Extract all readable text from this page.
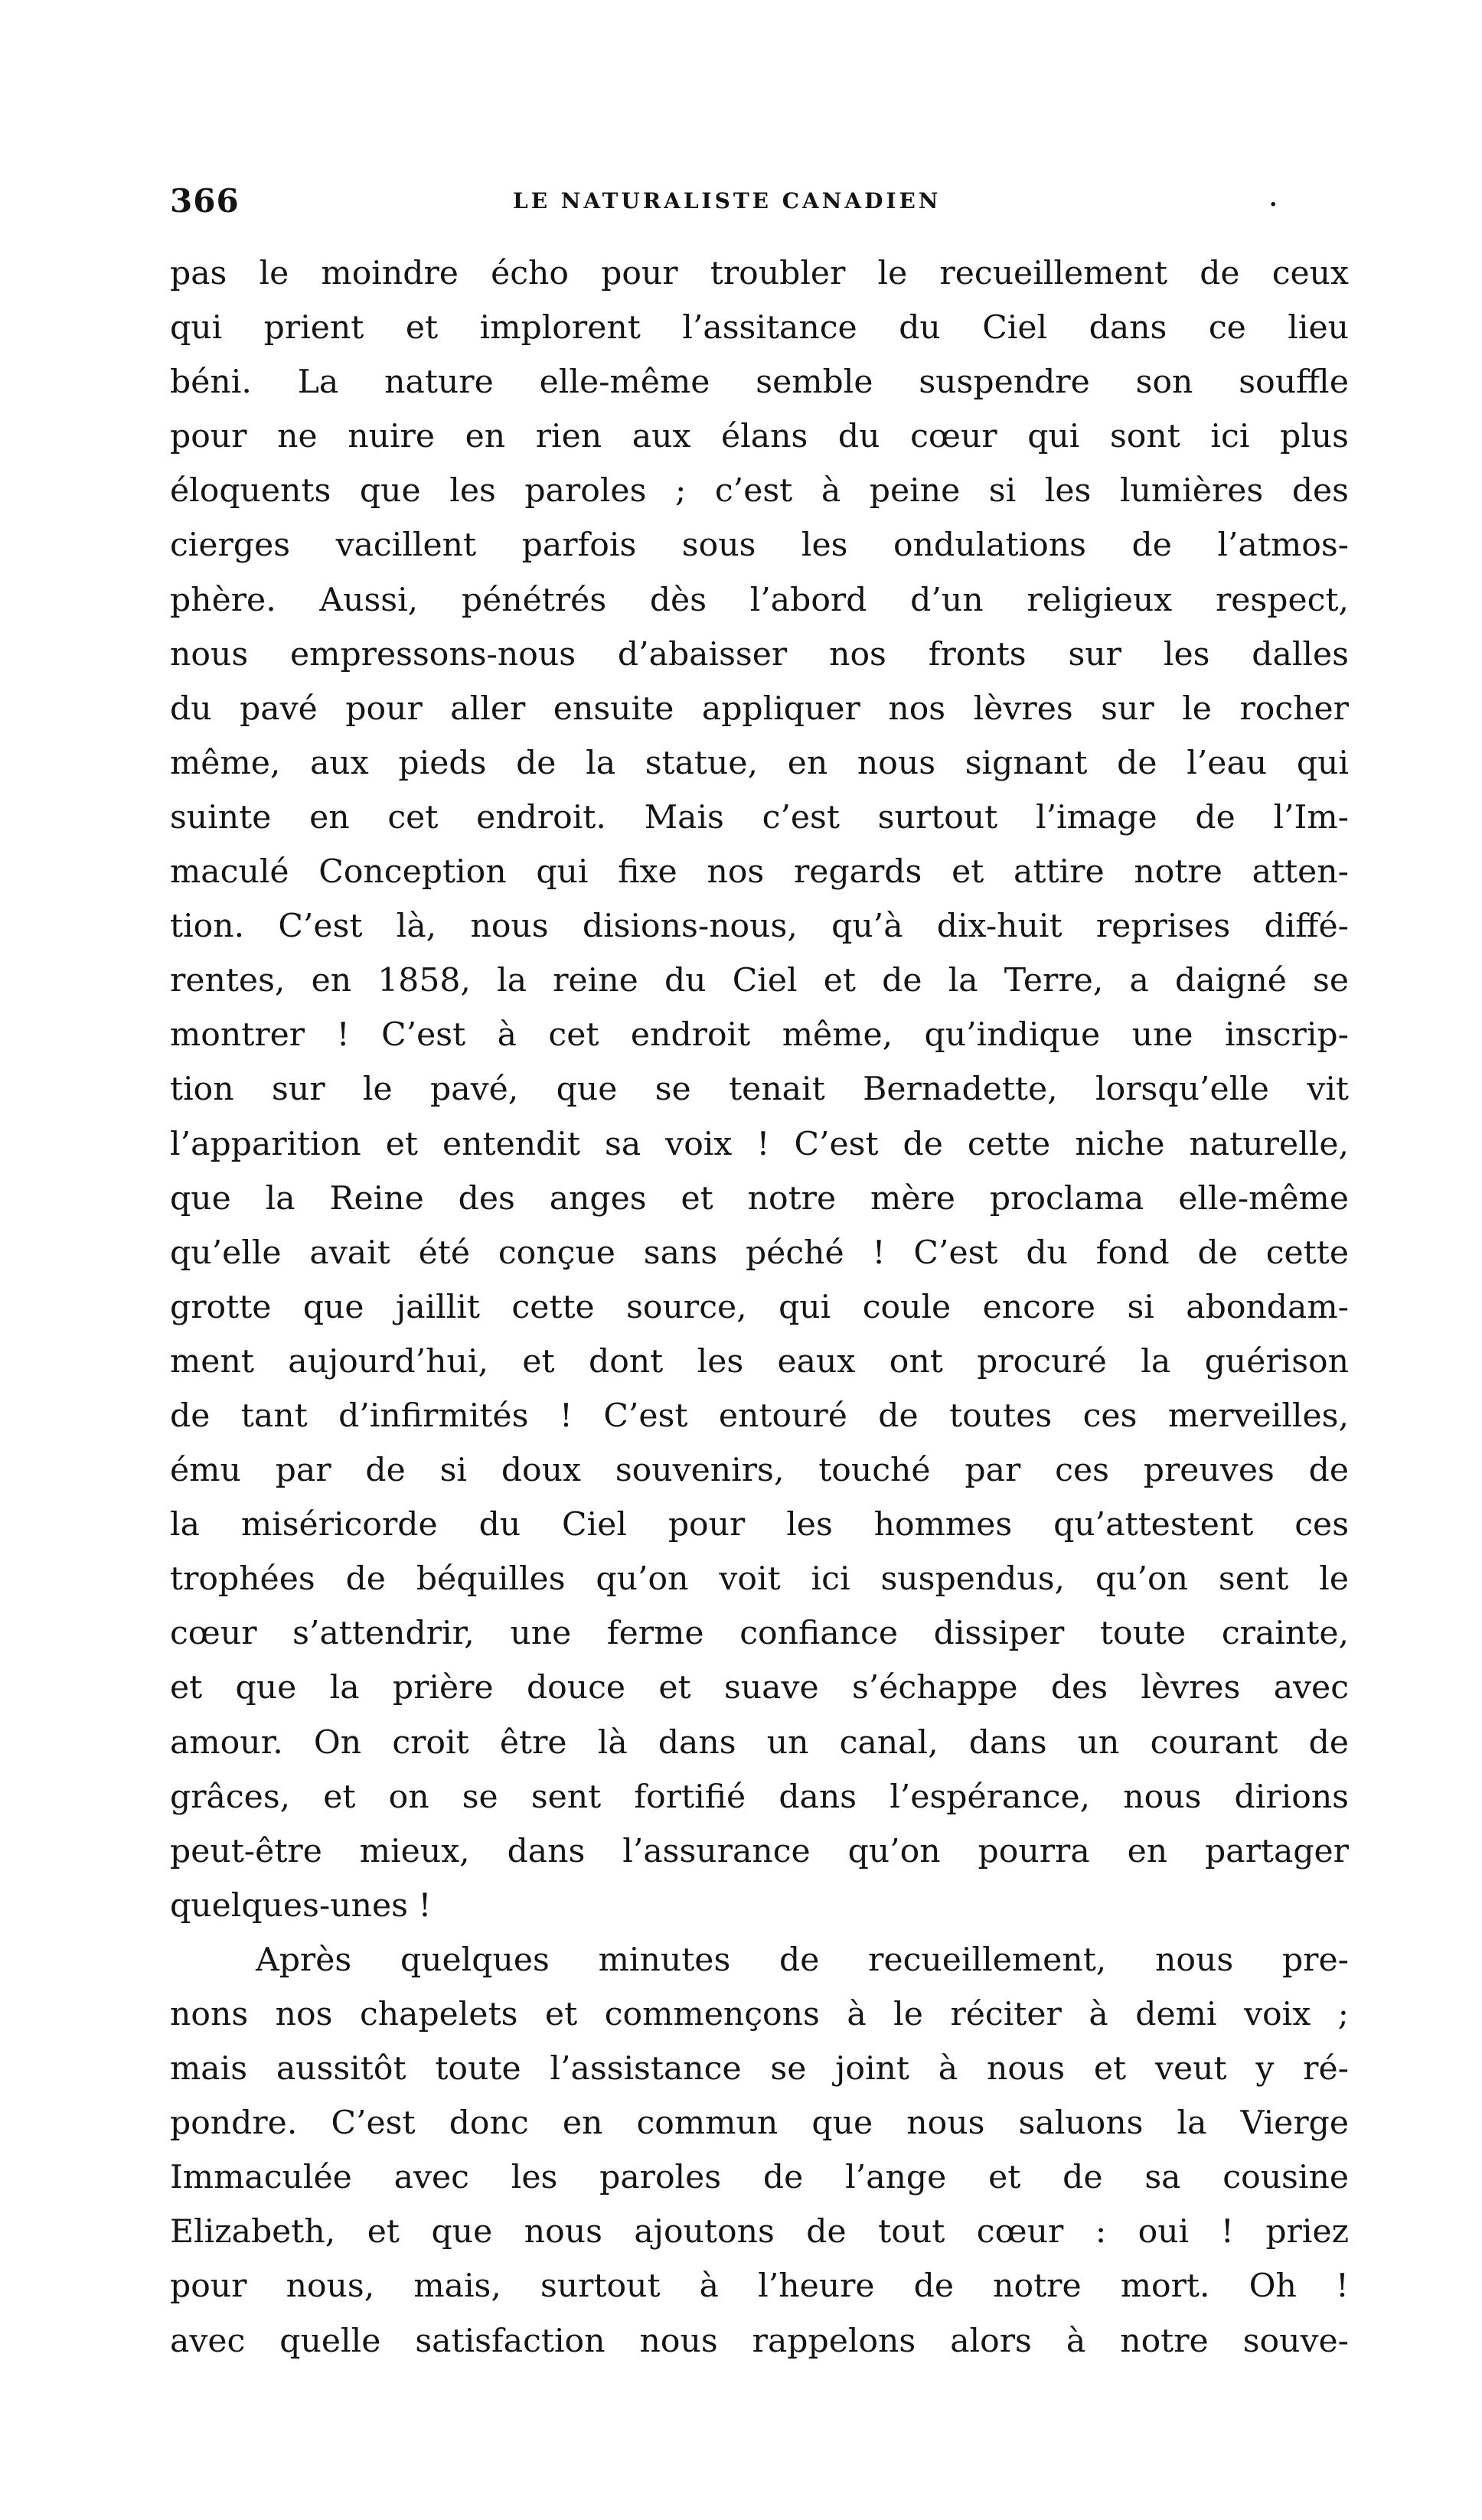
366	LE NATURALISTE CANADIEN	.
pas le moindre écho pour troubler le recueillement de ceux
qui prient et implorent l’assitance du Ciel dans ce lieu
béni. La nature elle-même semble suspendre son souffle
pour ne nuire en rien aux élans du cœur qui sont ici plus
éloquents que les paroles ; c’est à peine si les lumières des
cierges vacillent parfois sous les ondulations de l’atmos-
phère. Aussi, pénétrés dès l’abord d’un religieux respect,
nous empressons-nous d’abaisser nos fronts sur les dalles
du pavé pour aller ensuite appliquer nos lèvres sur le rocher
même, aux pieds de la statue, en nous signant de l’eau qui
suinte en cet endroit. Mais c’est surtout l’image de l’Im-
maculé Conception qui fixe nos regards et attire notre atten-
tion. C’est là, nous disions-nous, qu’à dix-huit reprises diffé-
rentes, en 1858, la reine du Ciel et de la Terre, a daigné se
montrer ! C’est à cet endroit même, qu’indique une inscrip-
tion sur le pavé, que se tenait Bernadette, lorsqu’elle vit
l’apparition et entendit sa voix ! C’est de cette niche naturelle,
que la Reine des anges et notre mère proclama elle-même
qu’elle avait été conçue sans péché ! C’est du fond de cette
grotte que jaillit cette source, qui coule encore si abondam-
ment aujourd’hui, et dont les eaux ont procuré la guérison
de tant d’infirmités ! C’est entouré de toutes ces merveilles,
ému par de si doux souvenirs, touché par ces preuves de
la miséricorde du Ciel pour les hommes qu’attestent ces
trophées de béquilles qu’on voit ici suspendus, qu’on sent le
cœur s’attendrir, une ferme confiance dissiper toute crainte,
et que la prière douce et suave s’échappe des lèvres avec
amour. On croit être là dans un canal, dans un courant de
grâces, et on se sent fortifié dans l’espérance, nous dirions
peut-être mieux, dans l’assurance qu’on pourra en partager
quelques-unes !
Après quelques minutes de recueillement, nous pre-
nons nos chapelets et commençons à le réciter à demi voix ;
mais aussitôt toute l’assistance se joint à nous et veut y ré-
pondre. C’est donc en commun que nous saluons la Vierge
Immaculée avec les paroles de l’ange et de sa cousine
Elizabeth, et que nous ajoutons de tout cœur : oui ! priez
pour nous, mais, surtout à l’heure de notre mort. Oh !
avec quelle satisfaction nous rappelons alors à notre souve-
